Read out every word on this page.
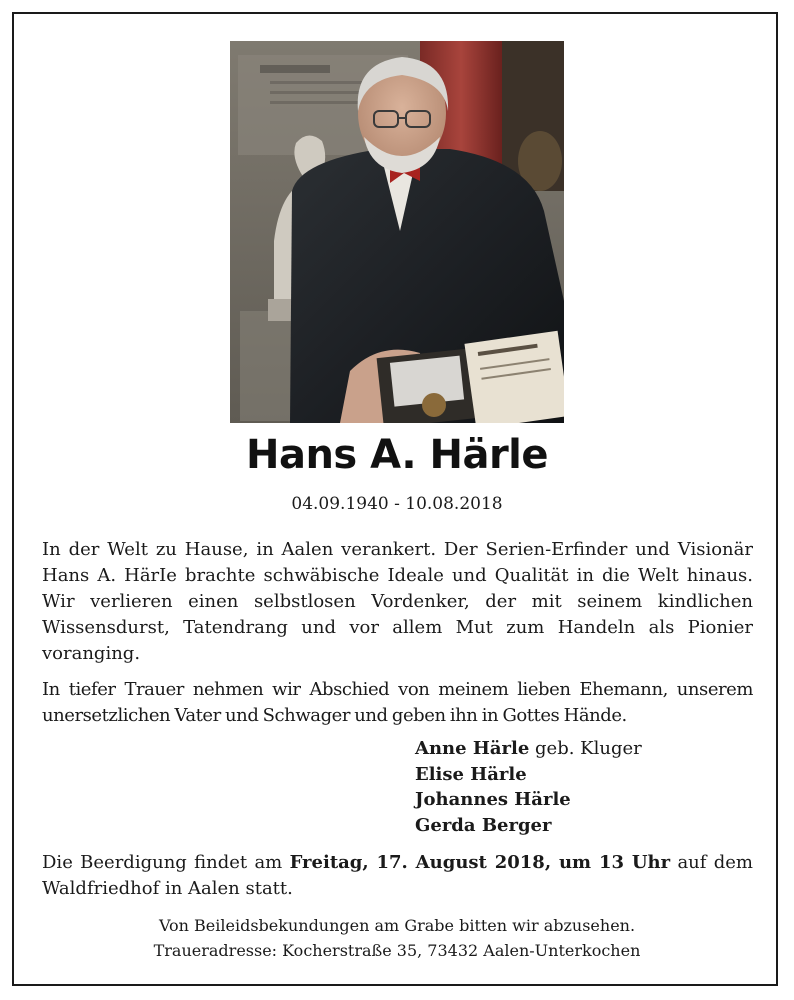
Hans A. Härle
04.09.1940 - 10.08.2018
In der Welt zu Hause, in Aalen verankert. Der Serien-Erfinder und Visionär Hans A. HärIe brachte schwäbische Ideale und Qualität in die Welt hinaus. Wir verlieren einen selbstlosen Vordenker, der mit seinem kindlichen Wissensdurst, Tatendrang und vor allem Mut zum Handeln als Pionier voranging.
In tiefer Trauer nehmen wir Abschied von meinem lieben Ehemann, unserem unersetzlichen Vater und Schwager und geben ihn in Gottes Hände.
Anne Härle geb. Kluger
Elise Härle
Johannes Härle
Gerda Berger
Die Beerdigung findet am Freitag, 17. August 2018, um 13 Uhr auf dem Waldfriedhof in Aalen statt.
Von Beileidsbekundungen am Grabe bitten wir abzusehen.
Traueradresse: Kocherstraße 35, 73432 Aalen-Unterkochen
